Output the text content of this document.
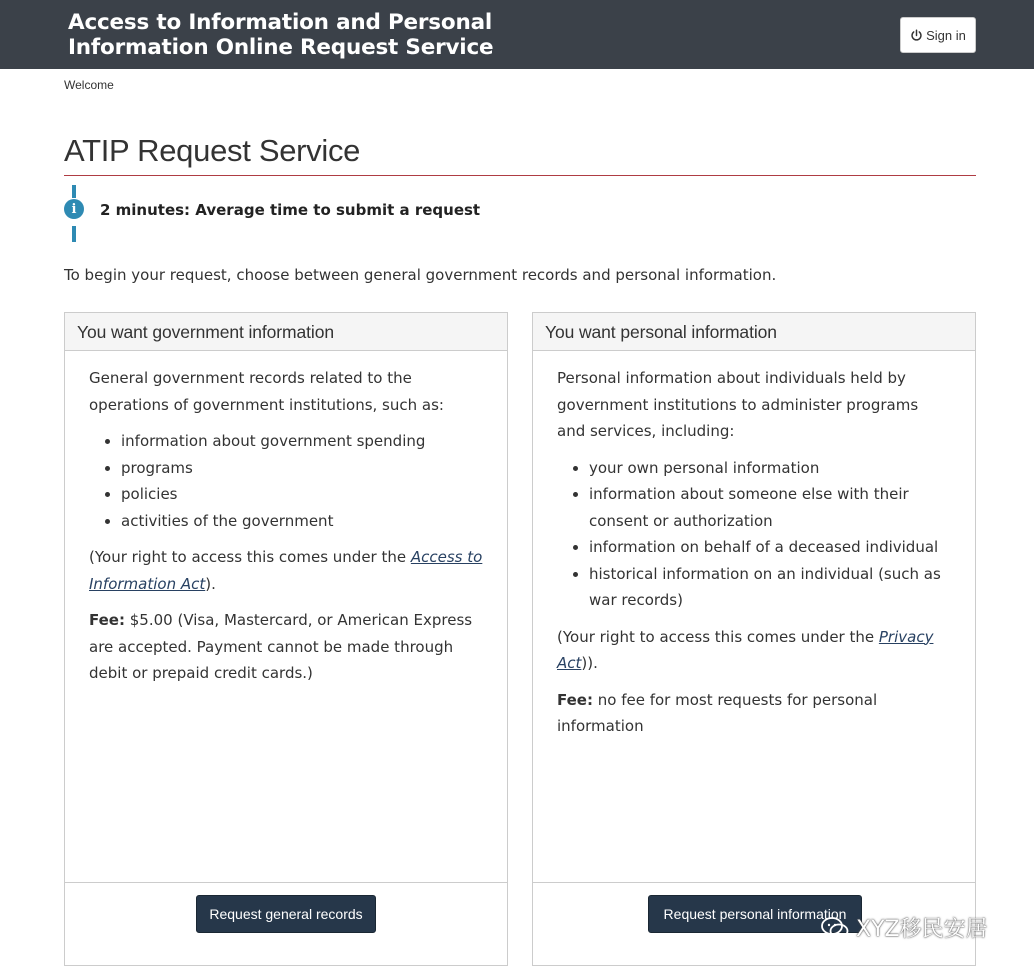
Access to Information and Personal
Information Online Request Service	Sign in
Welcome
ATIP Request Service
i	2 minutes: Average time to submit a request
To begin your request, choose between general government records and personal information.
You want government information

General government records related to the operations of government institutions, such as:

• information about government spending
• programs
• policies
• activities of the government

(Your right to access this comes under the Access to Information Act).

Fee: $5.00 (Visa, Mastercard, or American Express are accepted. Payment cannot be made through debit or prepaid credit cards.)

Request general records
You want personal information

Personal information about individuals held by government institutions to administer programs and services, including:

• your own personal information
• information about someone else with their consent or authorization
• information on behalf of a deceased individual
• historical information on an individual (such as war records)

(Your right to access this comes under the Privacy Act)).

Fee: no fee for most requests for personal information

Request personal information
XYZ移民安居
